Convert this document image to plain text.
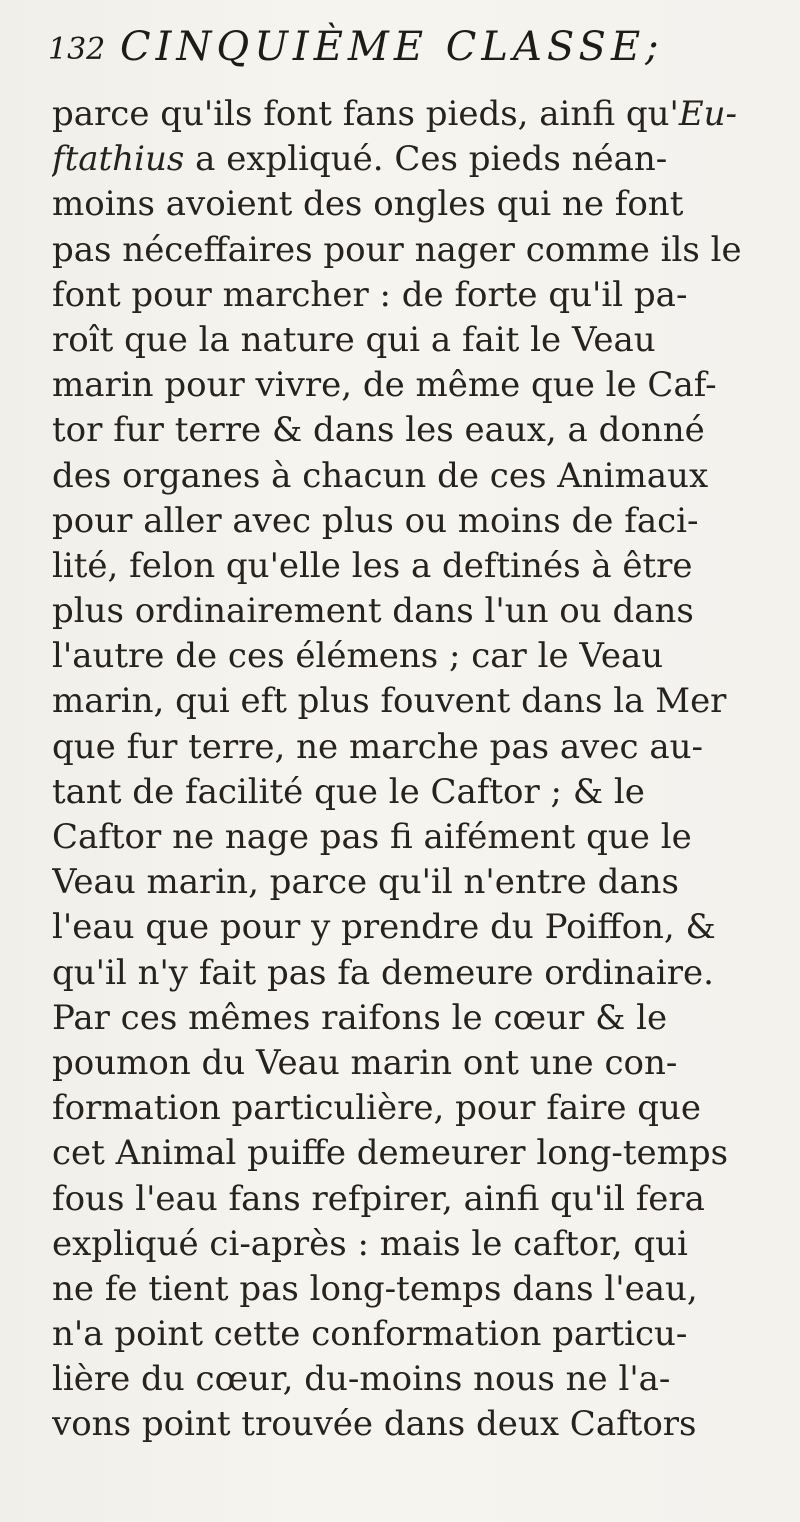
132 CINQUIÈME CLASSE;
parce qu'ils font fans pieds, ainfi qu'Eu-
ftathius a expliqué. Ces pieds néan-
moins avoient des ongles qui ne font
pas néceffaires pour nager comme ils le
font pour marcher : de forte qu'il pa-
roît que la nature qui a fait le Veau
marin pour vivre, de même que le Caf-
tor fur terre & dans les eaux, a donné
des organes à chacun de ces Animaux
pour aller avec plus ou moins de faci-
lité, felon qu'elle les a deftinés à être
plus ordinairement dans l'un ou dans
l'autre de ces élémens ; car le Veau
marin, qui eft plus fouvent dans la Mer
que fur terre, ne marche pas avec au-
tant de facilité que le Caftor ; & le
Caftor ne nage pas fi aifément que le
Veau marin, parce qu'il n'entre dans
l'eau que pour y prendre du Poiffon, &
qu'il n'y fait pas fa demeure ordinaire.
Par ces mêmes raifons le cœur & le
poumon du Veau marin ont une con-
formation particulière, pour faire que
cet Animal puiffe demeurer long-temps
fous l'eau fans refpirer, ainfi qu'il fera
expliqué ci-après : mais le caftor, qui
ne fe tient pas long-temps dans l'eau,
n'a point cette conformation particu-
lière du cœur, du-moins nous ne l'a-
vons point trouvée dans deux Caftors
